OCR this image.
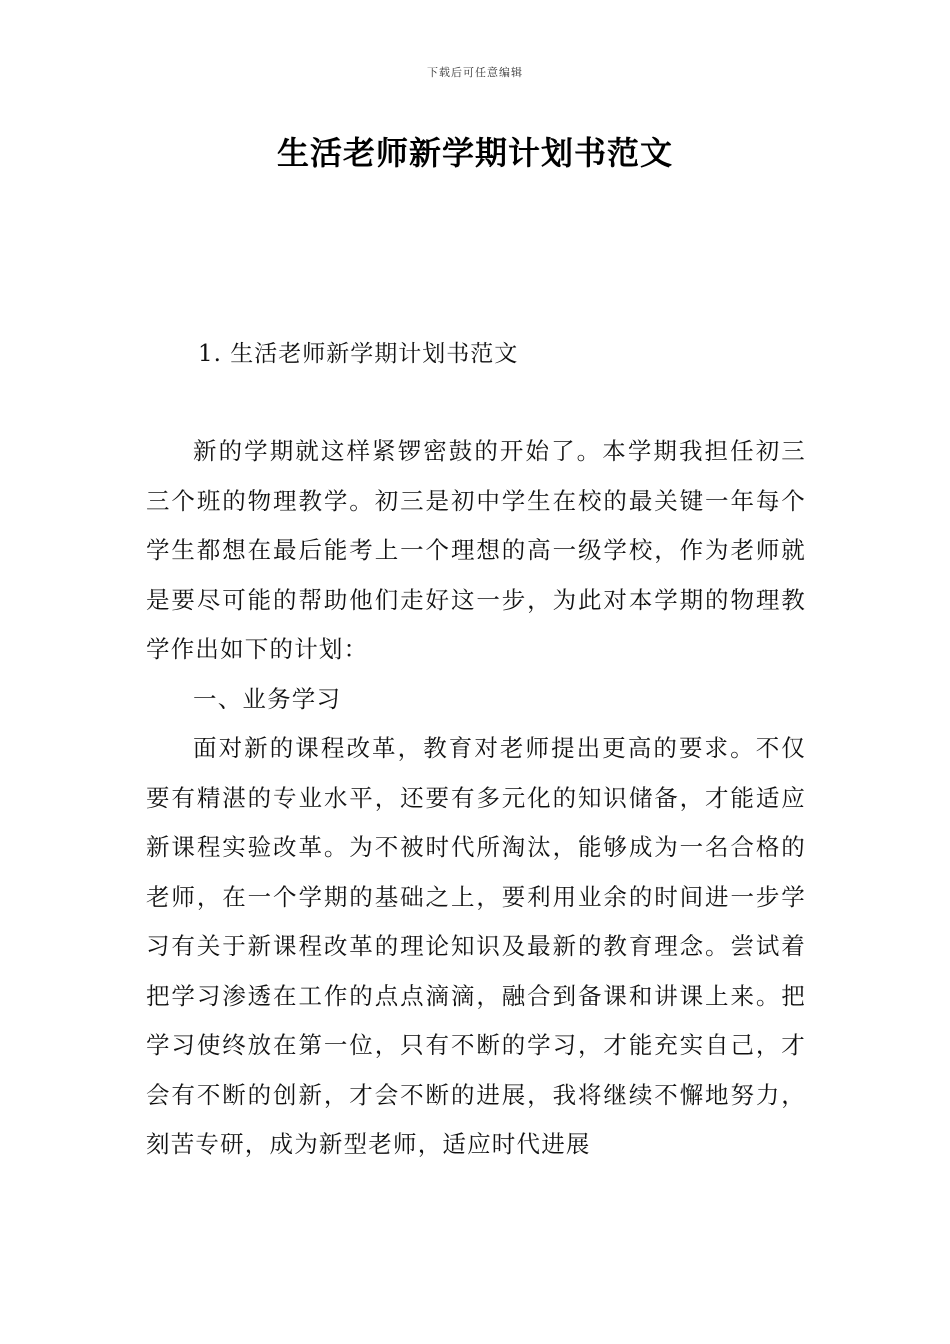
下载后可任意编辑
生活老师新学期计划书范文
1. 生活老师新学期计划书范文

新的学期就这样紧锣密鼓的开始了。本学期我担任初三三个班的物理教学。初三是初中学生在校的最关键一年每个学生都想在最后能考上一个理想的高一级学校，作为老师就是要尽可能的帮助他们走好这一步，为此对本学期的物理教学作出如下的计划：

一、业务学习

面对新的课程改革，教育对老师提出更高的要求。不仅要有精湛的专业水平，还要有多元化的知识储备，才能适应新课程实验改革。为不被时代所淘汰，能够成为一名合格的老师，在一个学期的基础之上，要利用业余的时间进一步学习有关于新课程改革的理论知识及最新的教育理念。尝试着把学习渗透在工作的点点滴滴，融合到备课和讲课上来。把学习使终放在第一位，只有不断的学习，才能充实自己，才会有不断的创新，才会不断的进展，我将继续不懈地努力，刻苦专研，成为新型老师，适应时代进展
